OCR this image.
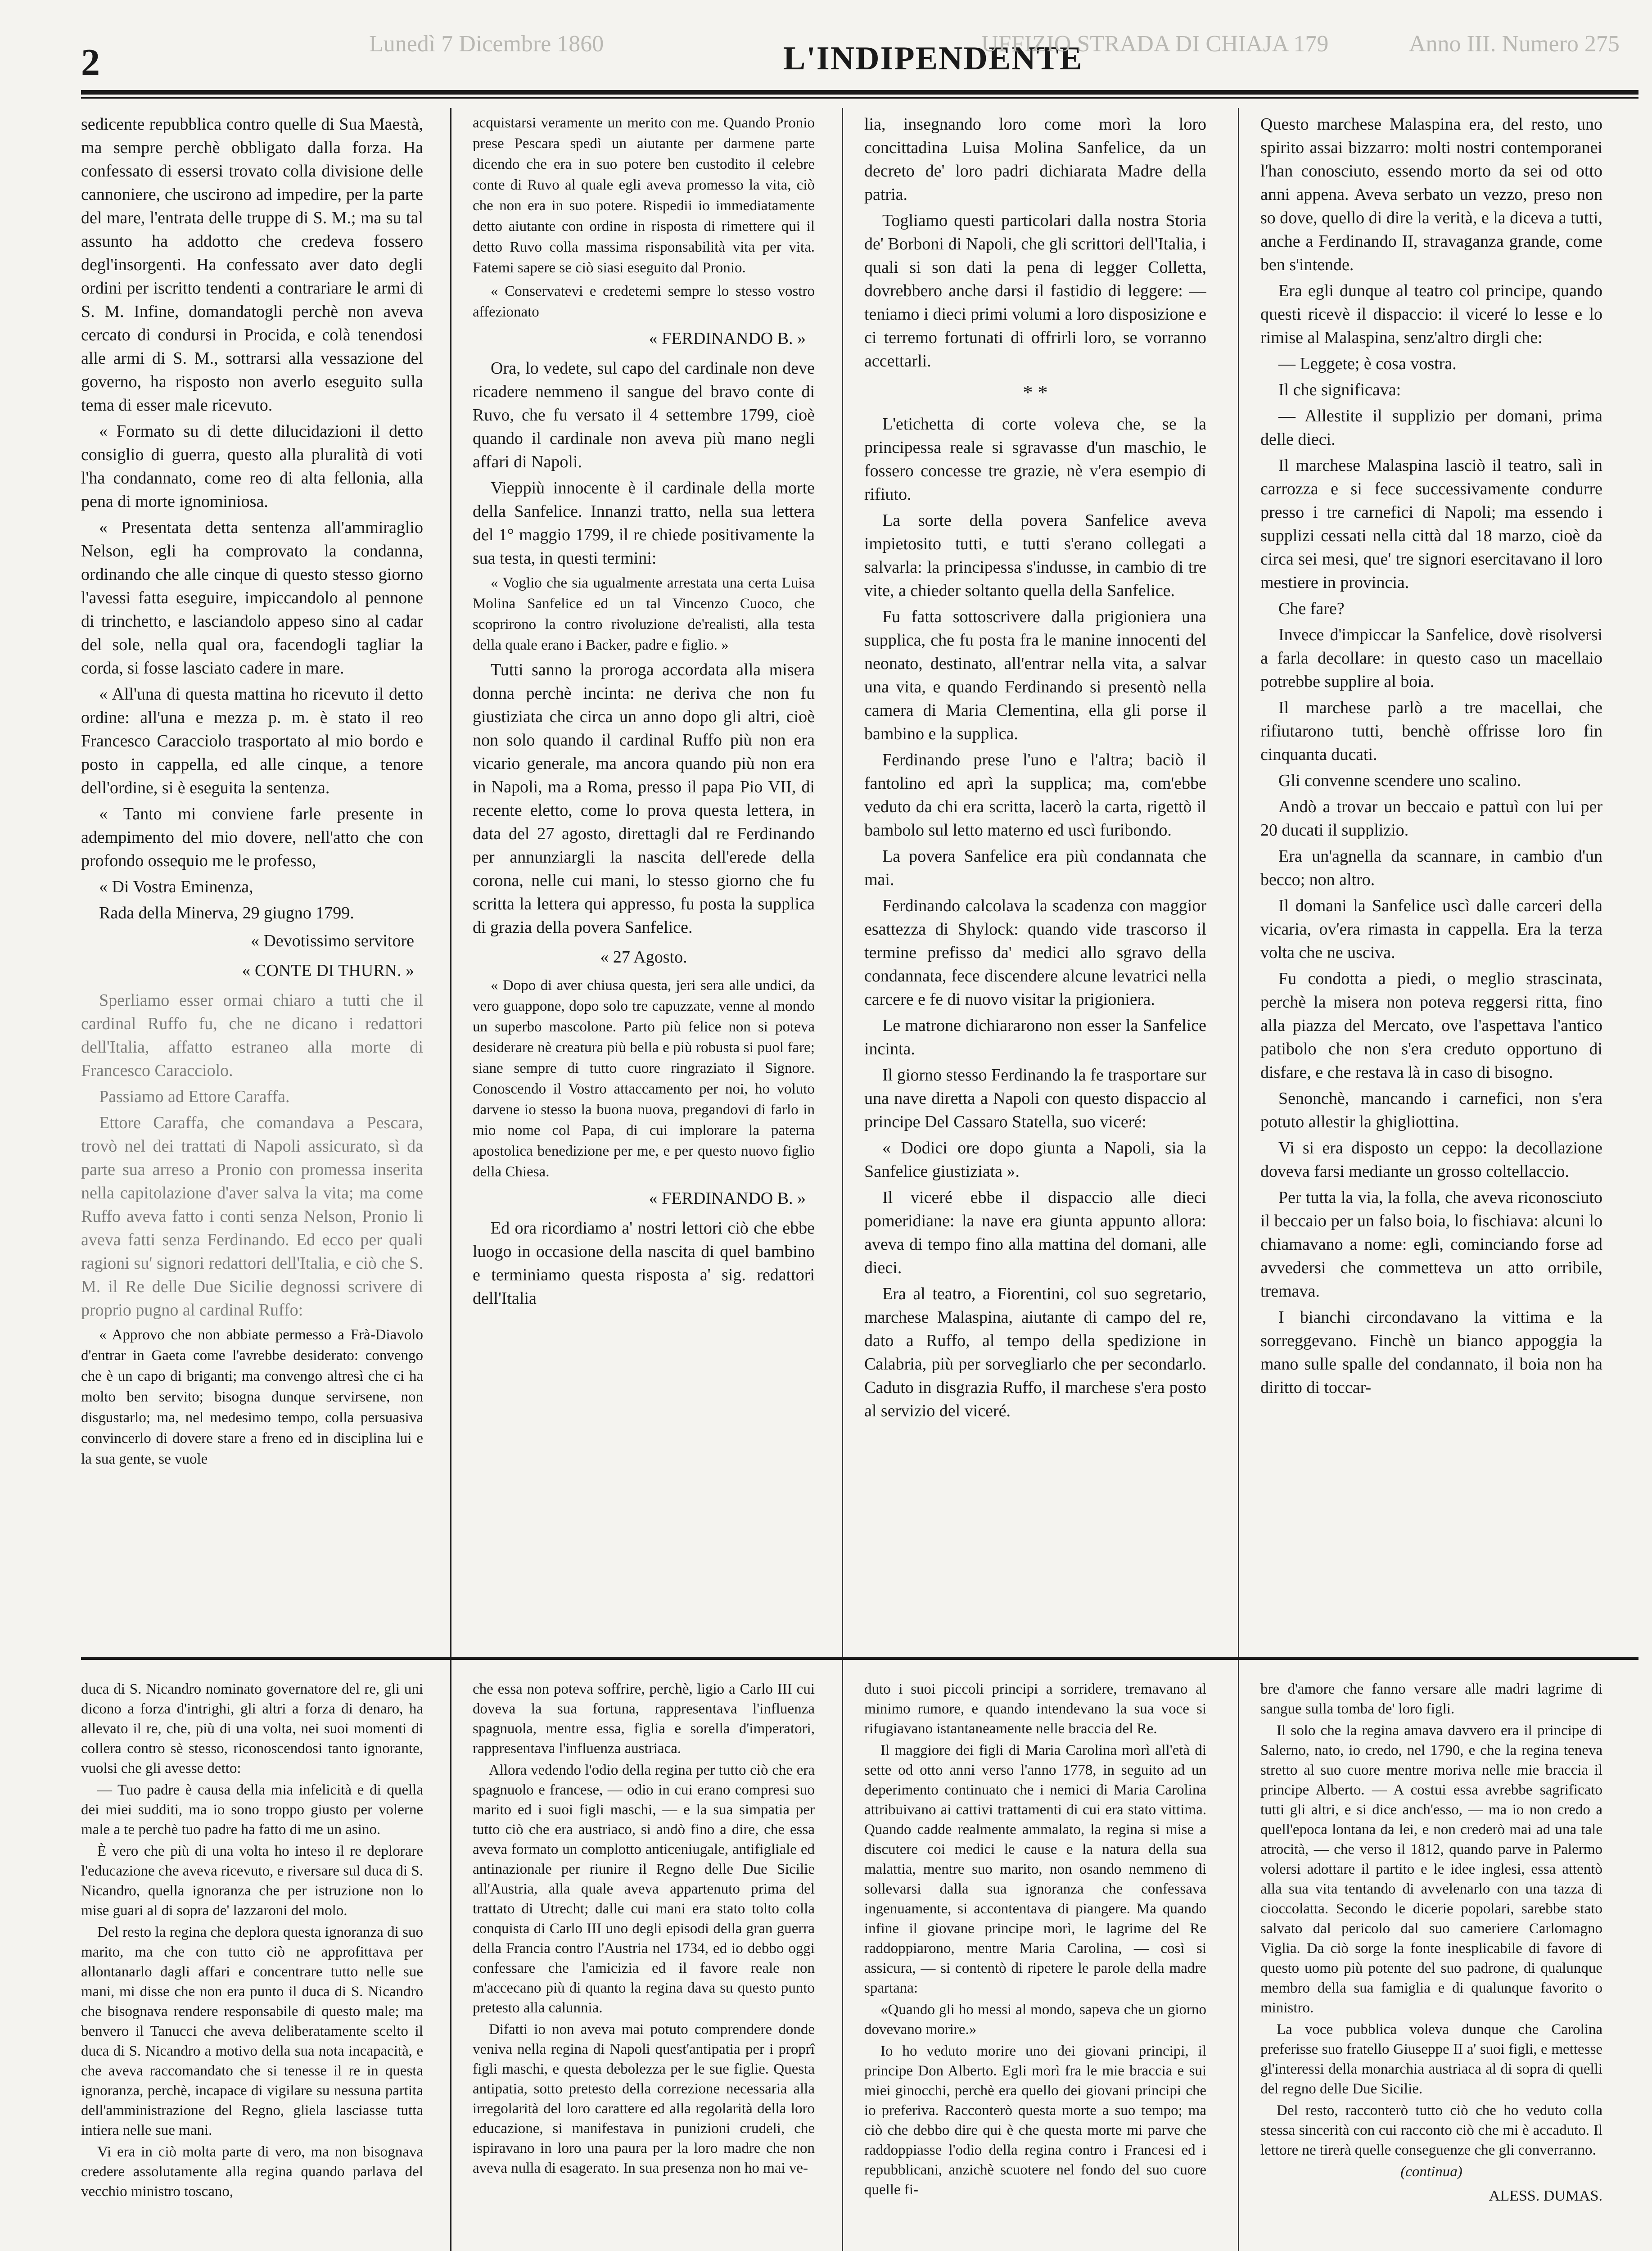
2	Lunedì 7 Dicembre 1860	L'INDIPENDENTE
UFFIZIO STRADA DI CHIAJA 179	Anno III. Numero 275

sedicente repubblica contro quelle di Sua Maestà, ma sempre perchè obbligato dalla forza. Ha confessato di essersi trovato colla divisione delle cannoniere, che uscirono ad impedire, per la parte del mare, l'entrata delle truppe di S. M.; ma su tal assunto ha addotto che credeva fossero degl'insorgenti. Ha confessato aver dato degli ordini per iscritto tendenti a contrariare le armi di S. M. Infine, domandatogli perchè non aveva cercato di condursi in Procida, e colà tenendosi alle armi di S. M., sottrarsi alla vessazione del governo, ha risposto non averlo eseguito sulla tema di esser male ricevuto.

« Formato su di dette dilucidazioni il detto consiglio di guerra, questo alla pluralità di voti l'ha condannato, come reo di alta fellonia, alla pena di morte ignominiosa.

« Presentata detta sentenza all'ammiraglio Nelson, egli ha comprovato la condanna, ordinando che alle cinque di questo stesso giorno l'avessi fatta eseguire, impiccandolo al pennone di trinchetto, e lasciandolo appeso sino al cadar del sole, nella qual ora, facendogli tagliar la corda, si fosse lasciato cadere in mare.

« All'una di questa mattina ho ricevuto il detto ordine: all'una e mezza p. m. è stato il reo Francesco Caracciolo trasportato al mio bordo e posto in cappella, ed alle cinque, a tenore dell'ordine, si è eseguita la sentenza.

« Tanto mi conviene farle presente in adempimento del mio dovere, nell'atto che con profondo ossequio me le professo,

« Di Vostra Eminenza,

Rada della Minerva, 29 giugno 1799.

« Devotissimo servitore

« CONTE DI THURN. »

Sperliamo esser ormai chiaro a tutti che il cardinal Ruffo fu, che ne dicano i redattori dell'Italia, affatto estraneo alla morte di Francesco Caracciolo.

Passiamo ad Ettore Caraffa.

Ettore Caraffa, che comandava a Pescara, trovò nel dei trattati di Napoli assicurato, sì da parte sua arreso a Pronio con promessa inserita nella capitolazione d'aver salva la vita; ma come Ruffo aveva fatto i conti senza Nelson, Pronio li aveva fatti senza Ferdinando. Ed ecco per quali ragioni su' signori redattori dell'Italia, e ciò che S. M. il Re delle Due Sicilie degnossi scrivere di proprio pugno al cardinal Ruffo:

« Approvo che non abbiate permesso a Frà-Diavolo d'entrar in Gaeta come l'avrebbe desiderato: convengo che è un capo di briganti; ma convengo altresì che ci ha molto ben servito; bisogna dunque servirsene, non disgustarlo; ma, nel medesimo tempo, colla persuasiva convincerlo di dovere stare a freno ed in disciplina lui e la sua gente, se vuole

acquistarsi veramente un merito con me. Quando Pronio prese Pescara spedì un aiutante per darmene parte dicendo che era in suo potere ben custodito il celebre conte di Ruvo al quale egli aveva promesso la vita, ciò che non era in suo potere. Rispedii io immediatamente detto aiutante con ordine in risposta di rimettere qui il detto Ruvo colla massima risponsabilità vita per vita. Fatemi sapere se ciò siasi eseguito dal Pronio.

« Conservatevi e credetemi sempre lo stesso vostro affezionato

« FERDINANDO B. »

Ora, lo vedete, sul capo del cardinale non deve ricadere nemmeno il sangue del bravo conte di Ruvo, che fu versato il 4 settembre 1799, cioè quando il cardinale non aveva più mano negli affari di Napoli.

Vieppiù innocente è il cardinale della morte della Sanfelice. Innanzi tratto, nella sua lettera del 1° maggio 1799, il re chiede positivamente la sua testa, in questi termini:

« Voglio che sia ugualmente arrestata una certa Luisa Molina Sanfelice ed un tal Vincenzo Cuoco, che scoprirono la contro rivoluzione de'realisti, alla testa della quale erano i Backer, padre e figlio. »

Tutti sanno la proroga accordata alla misera donna perchè incinta: ne deriva che non fu giustiziata che circa un anno dopo gli altri, cioè non solo quando il cardinal Ruffo più non era vicario generale, ma ancora quando più non era in Napoli, ma a Roma, presso il papa Pio VII, di recente eletto, come lo prova questa lettera, in data del 27 agosto, direttagli dal re Ferdinando per annunziargli la nascita dell'erede della corona, nelle cui mani, lo stesso giorno che fu scritta la lettera qui appresso, fu posta la supplica di grazia della povera Sanfelice.

« 27 Agosto.

« Dopo di aver chiusa questa, jeri sera alle undici, da vero guappone, dopo solo tre capuzzate, venne al mondo un superbo mascolone. Parto più felice non si poteva desiderare nè creatura più bella e più robusta si puol fare; siane sempre di tutto cuore ringraziato il Signore. Conoscendo il Vostro attaccamento per noi, ho voluto darvene io stesso la buona nuova, pregandovi di farlo in mio nome col Papa, di cui implorare la paterna apostolica benedizione per me, e per questo nuovo figlio della Chiesa.

« FERDINANDO B. »

Ed ora ricordiamo a' nostri lettori ciò che ebbe luogo in occasione della nascita di quel bambino e terminiamo questa risposta a' sig. redattori dell'Italia

lia, insegnando loro come morì la loro concittadina Luisa Molina Sanfelice, da un decreto de' loro padri dichiarata Madre della patria.

Togliamo questi particolari dalla nostra Storia de' Borboni di Napoli, che gli scrittori dell'Italia, i quali si son dati la pena di legger Colletta, dovrebbero anche darsi il fastidio di leggere: — teniamo i dieci primi volumi a loro disposizione e ci terremo fortunati di offrirli loro, se vorranno accettarli.

* *

L'etichetta di corte voleva che, se la principessa reale si sgravasse d'un maschio, le fossero concesse tre grazie, nè v'era esempio di rifiuto.

La sorte della povera Sanfelice aveva impietosito tutti, e tutti s'erano collegati a salvarla: la principessa s'indusse, in cambio di tre vite, a chieder soltanto quella della Sanfelice.

Fu fatta sottoscrivere dalla prigioniera una supplica, che fu posta fra le manine innocenti del neonato, destinato, all'entrar nella vita, a salvar una vita, e quando Ferdinando si presentò nella camera di Maria Clementina, ella gli porse il bambino e la supplica.

Ferdinando prese l'uno e l'altra; baciò il fantolino ed aprì la supplica; ma, com'ebbe veduto da chi era scritta, lacerò la carta, rigettò il bambolo sul letto materno ed uscì furibondo.

La povera Sanfelice era più condannata che mai.

Ferdinando calcolava la scadenza con maggior esattezza di Shylock: quando vide trascorso il termine prefisso da' medici allo sgravo della condannata, fece discendere alcune levatrici nella carcere e fe di nuovo visitar la prigioniera.

Le matrone dichiararono non esser la Sanfelice incinta.

Il giorno stesso Ferdinando la fe trasportare sur una nave diretta a Napoli con questo dispaccio al principe Del Cassaro Statella, suo viceré:

« Dodici ore dopo giunta a Napoli, sia la Sanfelice giustiziata ».

Il viceré ebbe il dispaccio alle dieci pomeridiane: la nave era giunta appunto allora: aveva di tempo fino alla mattina del domani, alle dieci.

Era al teatro, a Fiorentini, col suo segretario, marchese Malaspina, aiutante di campo del re, dato a Ruffo, al tempo della spedizione in Calabria, più per sorvegliarlo che per secondarlo. Caduto in disgrazia Ruffo, il marchese s'era posto al servizio del viceré.

Questo marchese Malaspina era, del resto, uno spirito assai bizzarro: molti nostri contemporanei l'han conosciuto, essendo morto da sei od otto anni appena. Aveva serbato un vezzo, preso non so dove, quello di dire la verità, e la diceva a tutti, anche a Ferdinando II, stravaganza grande, come ben s'intende.

Era egli dunque al teatro col principe, quando questi ricevè il dispaccio: il viceré lo lesse e lo rimise al Malaspina, senz'altro dirgli che:

— Leggete; è cosa vostra.

Il che significava:

— Allestite il supplizio per domani, prima delle dieci.

Il marchese Malaspina lasciò il teatro, salì in carrozza e si fece successivamente condurre presso i tre carnefici di Napoli; ma essendo i supplizi cessati nella città dal 18 marzo, cioè da circa sei mesi, que' tre signori esercitavano il loro mestiere in provincia.

Che fare?

Invece d'impiccar la Sanfelice, dovè risolversi a farla decollare: in questo caso un macellaio potrebbe supplire al boia.

Il marchese parlò a tre macellai, che rifiutarono tutti, benchè offrisse loro fin cinquanta ducati.

Gli convenne scendere uno scalino.

Andò a trovar un beccaio e pattuì con lui per 20 ducati il supplizio.

Era un'agnella da scannare, in cambio d'un becco; non altro.

Il domani la Sanfelice uscì dalle carceri della vicaria, ov'era rimasta in cappella. Era la terza volta che ne usciva.

Fu condotta a piedi, o meglio strascinata, perchè la misera non poteva reggersi ritta, fino alla piazza del Mercato, ove l'aspettava l'antico patibolo che non s'era creduto opportuno di disfare, e che restava là in caso di bisogno.

Senonchè, mancando i carnefici, non s'era potuto allestir la ghigliottina.

Vi si era disposto un ceppo: la decollazione doveva farsi mediante un grosso coltellaccio.

Per tutta la via, la folla, che aveva riconosciuto il beccaio per un falso boia, lo fischiava: alcuni lo chiamavano a nome: egli, cominciando forse ad avvedersi che commetteva un atto orribile, tremava.

I bianchi circondavano la vittima e la sorreggevano. Finchè un bianco appoggia la mano sulle spalle del condannato, il boia non ha diritto di toccar-

duca di S. Nicandro nominato governatore del re, gli uni dicono a forza d'intrighi, gli altri a forza di denaro, ha allevato il re, che, più di una volta, nei suoi momenti di collera contro sè stesso, riconoscendosi tanto ignorante, vuolsi che gli avesse detto:

— Tuo padre è causa della mia infelicità e di quella dei miei sudditi, ma io sono troppo giusto per volerne male a te perchè tuo padre ha fatto di me un asino.

È vero che più di una volta ho inteso il re deplorare l'educazione che aveva ricevuto, e riversare sul duca di S. Nicandro, quella ignoranza che per istruzione non lo mise guari al di sopra de' lazzaroni del molo.

Del resto la regina che deplora questa ignoranza di suo marito, ma che con tutto ciò ne approfittava per allontanarlo dagli affari e concentrare tutto nelle sue mani, mi disse che non era punto il duca di S. Nicandro che bisognava rendere responsabile di questo male; ma benvero il Tanucci che aveva deliberatamente scelto il duca di S. Nicandro a motivo della sua nota incapacità, e che aveva raccomandato che si tenesse il re in questa ignoranza, perchè, incapace di vigilare su nessuna partita dell'amministrazione del Regno, gliela lasciasse tutta intiera nelle sue mani.

Vi era in ciò molta parte di vero, ma non bisognava credere assolutamente alla regina quando parlava del vecchio ministro toscano,

che essa non poteva soffrire, perchè, ligio a Carlo III cui doveva la sua fortuna, rappresentava l'influenza spagnuola, mentre essa, figlia e sorella d'imperatori, rappresentava l'influenza austriaca.

Allora vedendo l'odio della regina per tutto ciò che era spagnuolo e francese, — odio in cui erano compresi suo marito ed i suoi figli maschi, — e la sua simpatia per tutto ciò che era austriaco, si andò fino a dire, che essa aveva formato un complotto anticeniugale, antifigliale ed antinazionale per riunire il Regno delle Due Sicilie all'Austria, alla quale aveva appartenuto prima del trattato di Utrecht; dalle cui mani era stato tolto colla conquista di Carlo III uno degli episodi della gran guerra della Francia contro l'Austria nel 1734, ed io debbo oggi confessare che l'amicizia ed il favore reale non m'accecano più di quanto la regina dava su questo punto pretesto alla calunnia.

Difatti io non aveva mai potuto comprendere donde veniva nella regina di Napoli quest'antipatia per i proprî figli maschi, e questa debolezza per le sue figlie. Questa antipatia, sotto pretesto della correzione necessaria alla irregolarità del loro carattere ed alla regolarità della loro educazione, si manifestava in punizioni crudeli, che ispiravano in loro una paura per la loro madre che non aveva nulla di esagerato. In sua presenza non ho mai ve-

duto i suoi piccoli principi a sorridere, tremavano al minimo rumore, e quando intendevano la sua voce si rifugiavano istantaneamente nelle braccia del Re.

Il maggiore dei figli di Maria Carolina morì all'età di sette od otto anni verso l'anno 1778, in seguito ad un deperimento continuato che i nemici di Maria Carolina attribuivano ai cattivi trattamenti di cui era stato vittima. Quando cadde realmente ammalato, la regina si mise a discutere coi medici le cause e la natura della sua malattia, mentre suo marito, non osando nemmeno di sollevarsi dalla sua ignoranza che confessava ingenuamente, si accontentava di piangere. Ma quando infine il giovane principe morì, le lagrime del Re raddoppiarono, mentre Maria Carolina, — così si assicura, — si contentò di ripetere le parole della madre spartana:

«Quando gli ho messi al mondo, sapeva che un giorno dovevano morire.»

Io ho veduto morire uno dei giovani principi, il principe Don Alberto. Egli morì fra le mie braccia e sui miei ginocchi, perchè era quello dei giovani principi che io preferiva. Racconterò questa morte a suo tempo; ma ciò che debbo dire qui è che questa morte mi parve che raddoppiasse l'odio della regina contro i Francesi ed i repubblicani, anzichè scuotere nel fondo del suo cuore quelle fi-

bre d'amore che fanno versare alle madri lagrime di sangue sulla tomba de' loro figli.

Il solo che la regina amava davvero era il principe di Salerno, nato, io credo, nel 1790, e che la regina teneva stretto al suo cuore mentre moriva nelle mie braccia il principe Alberto. — A costui essa avrebbe sagrificato tutti gli altri, e si dice anch'esso, — ma io non credo a quell'epoca lontana da lei, e non crederò mai ad una tale atrocità, — che verso il 1812, quando parve in Palermo volersi adottare il partito e le idee inglesi, essa attentò alla sua vita tentando di avvelenarlo con una tazza di cioccolatta. Secondo le dicerie popolari, sarebbe stato salvato dal pericolo dal suo cameriere Carlomagno Viglia. Da ciò sorge la fonte inesplicabile di favore di questo uomo più potente del suo padrone, di qualunque membro della sua famiglia e di qualunque favorito o ministro.

La voce pubblica voleva dunque che Carolina preferisse suo fratello Giuseppe II a' suoi figli, e mettesse gl'interessi della monarchia austriaca al di sopra di quelli del regno delle Due Sicilie.

Del resto, racconterò tutto ciò che ho veduto colla stessa sincerità con cui racconto ciò che mi è accaduto. Il lettore ne tirerà quelle conseguenze che gli converranno.

(continua)

ALESS. DUMAS.
